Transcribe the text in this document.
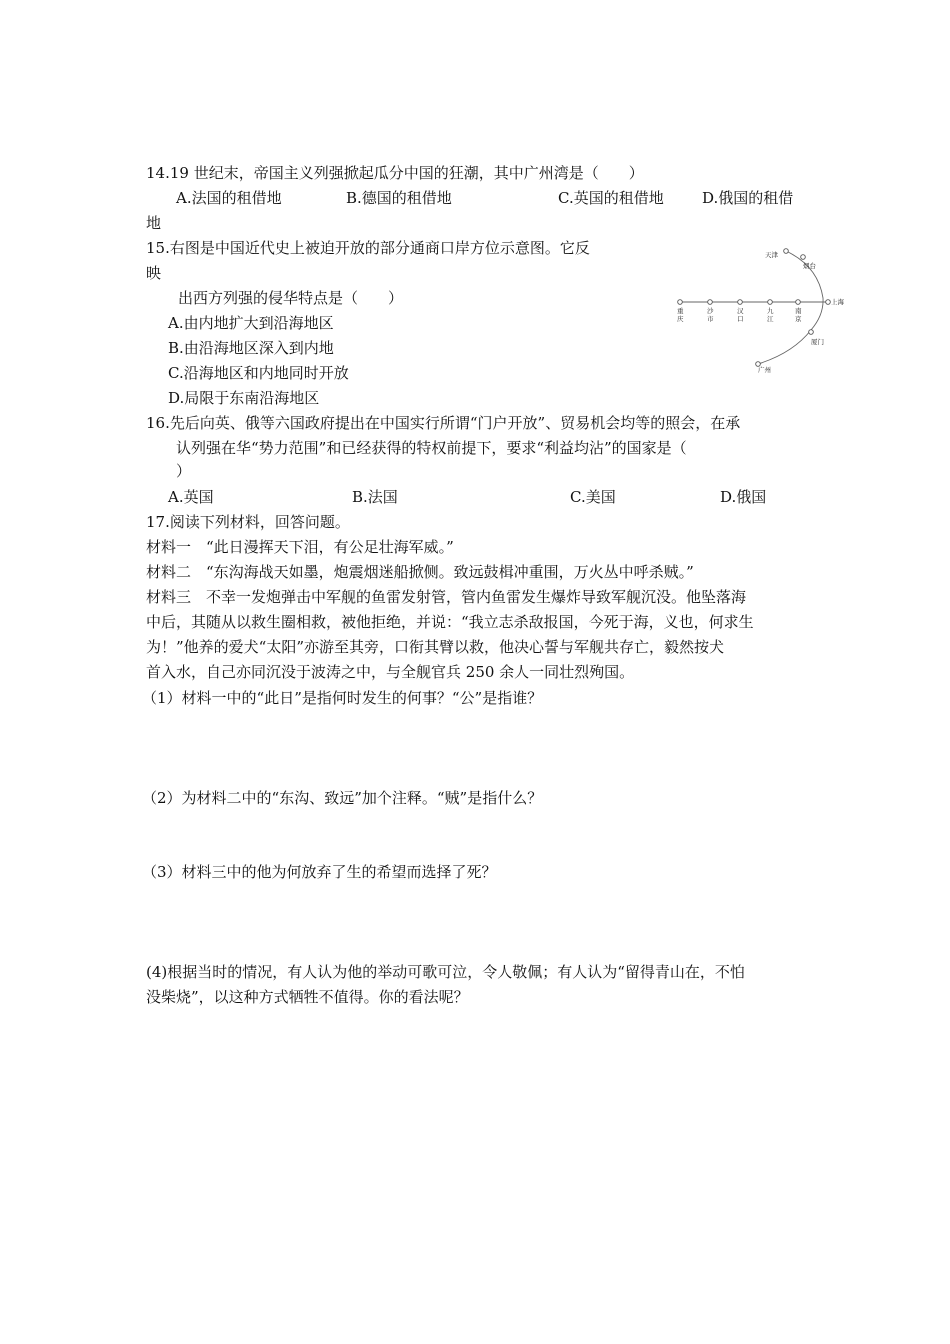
14.19 世纪末，帝国主义列强掀起瓜分中国的狂潮，其中广州湾是（　　）
A.法国的租借地	B.德国的租借地	C.英国的租借地	D.俄国的租借
地
15.右图是中国近代史上被迫开放的部分通商口岸方位示意图。它反
映
出西方列强的侵华特点是（　　）
A.由内地扩大到沿海地区
B.由沿海地区深入到内地
C.沿海地区和内地同时开放
D.局限于东南沿海地区
天津
烟台
上海
厦门
广州
重
庆
沙
市
汉
口
九
江
南
京
16.先后向英、俄等六国政府提出在中国实行所谓“门户开放”、贸易机会均等的照会，在承
认列强在华“势力范围”和已经获得的特权前提下，要求“利益均沾”的国家是（
）
A.英国	B.法国	C.美国	D.俄国
17.阅读下列材料，回答问题。
材料一　“此日漫挥天下泪，有公足壮海军威。”
材料二　“东沟海战天如墨，炮震烟迷船掀侧。致远鼓楫冲重围，万火丛中呼杀贼。”
材料三　不幸一发炮弹击中军舰的鱼雷发射管，管内鱼雷发生爆炸导致军舰沉没。他坠落海
中后，其随从以救生圈相救，被他拒绝，并说：“我立志杀敌报国，今死于海，义也，何求生
为！”他养的爱犬“太阳”亦游至其旁，口衔其臂以救，他决心誓与军舰共存亡，毅然按犬
首入水，自己亦同沉没于波涛之中，与全舰官兵 250 余人一同壮烈殉国。
（1）材料一中的“此日”是指何时发生的何事？“公”是指谁？
（2）为材料二中的“东沟、致远”加个注释。“贼”是指什么？
（3）材料三中的他为何放弃了生的希望而选择了死？
(4)根据当时的情况，有人认为他的举动可歌可泣，令人敬佩；有人认为“留得青山在，不怕
没柴烧”，以这种方式牺牲不值得。你的看法呢？
